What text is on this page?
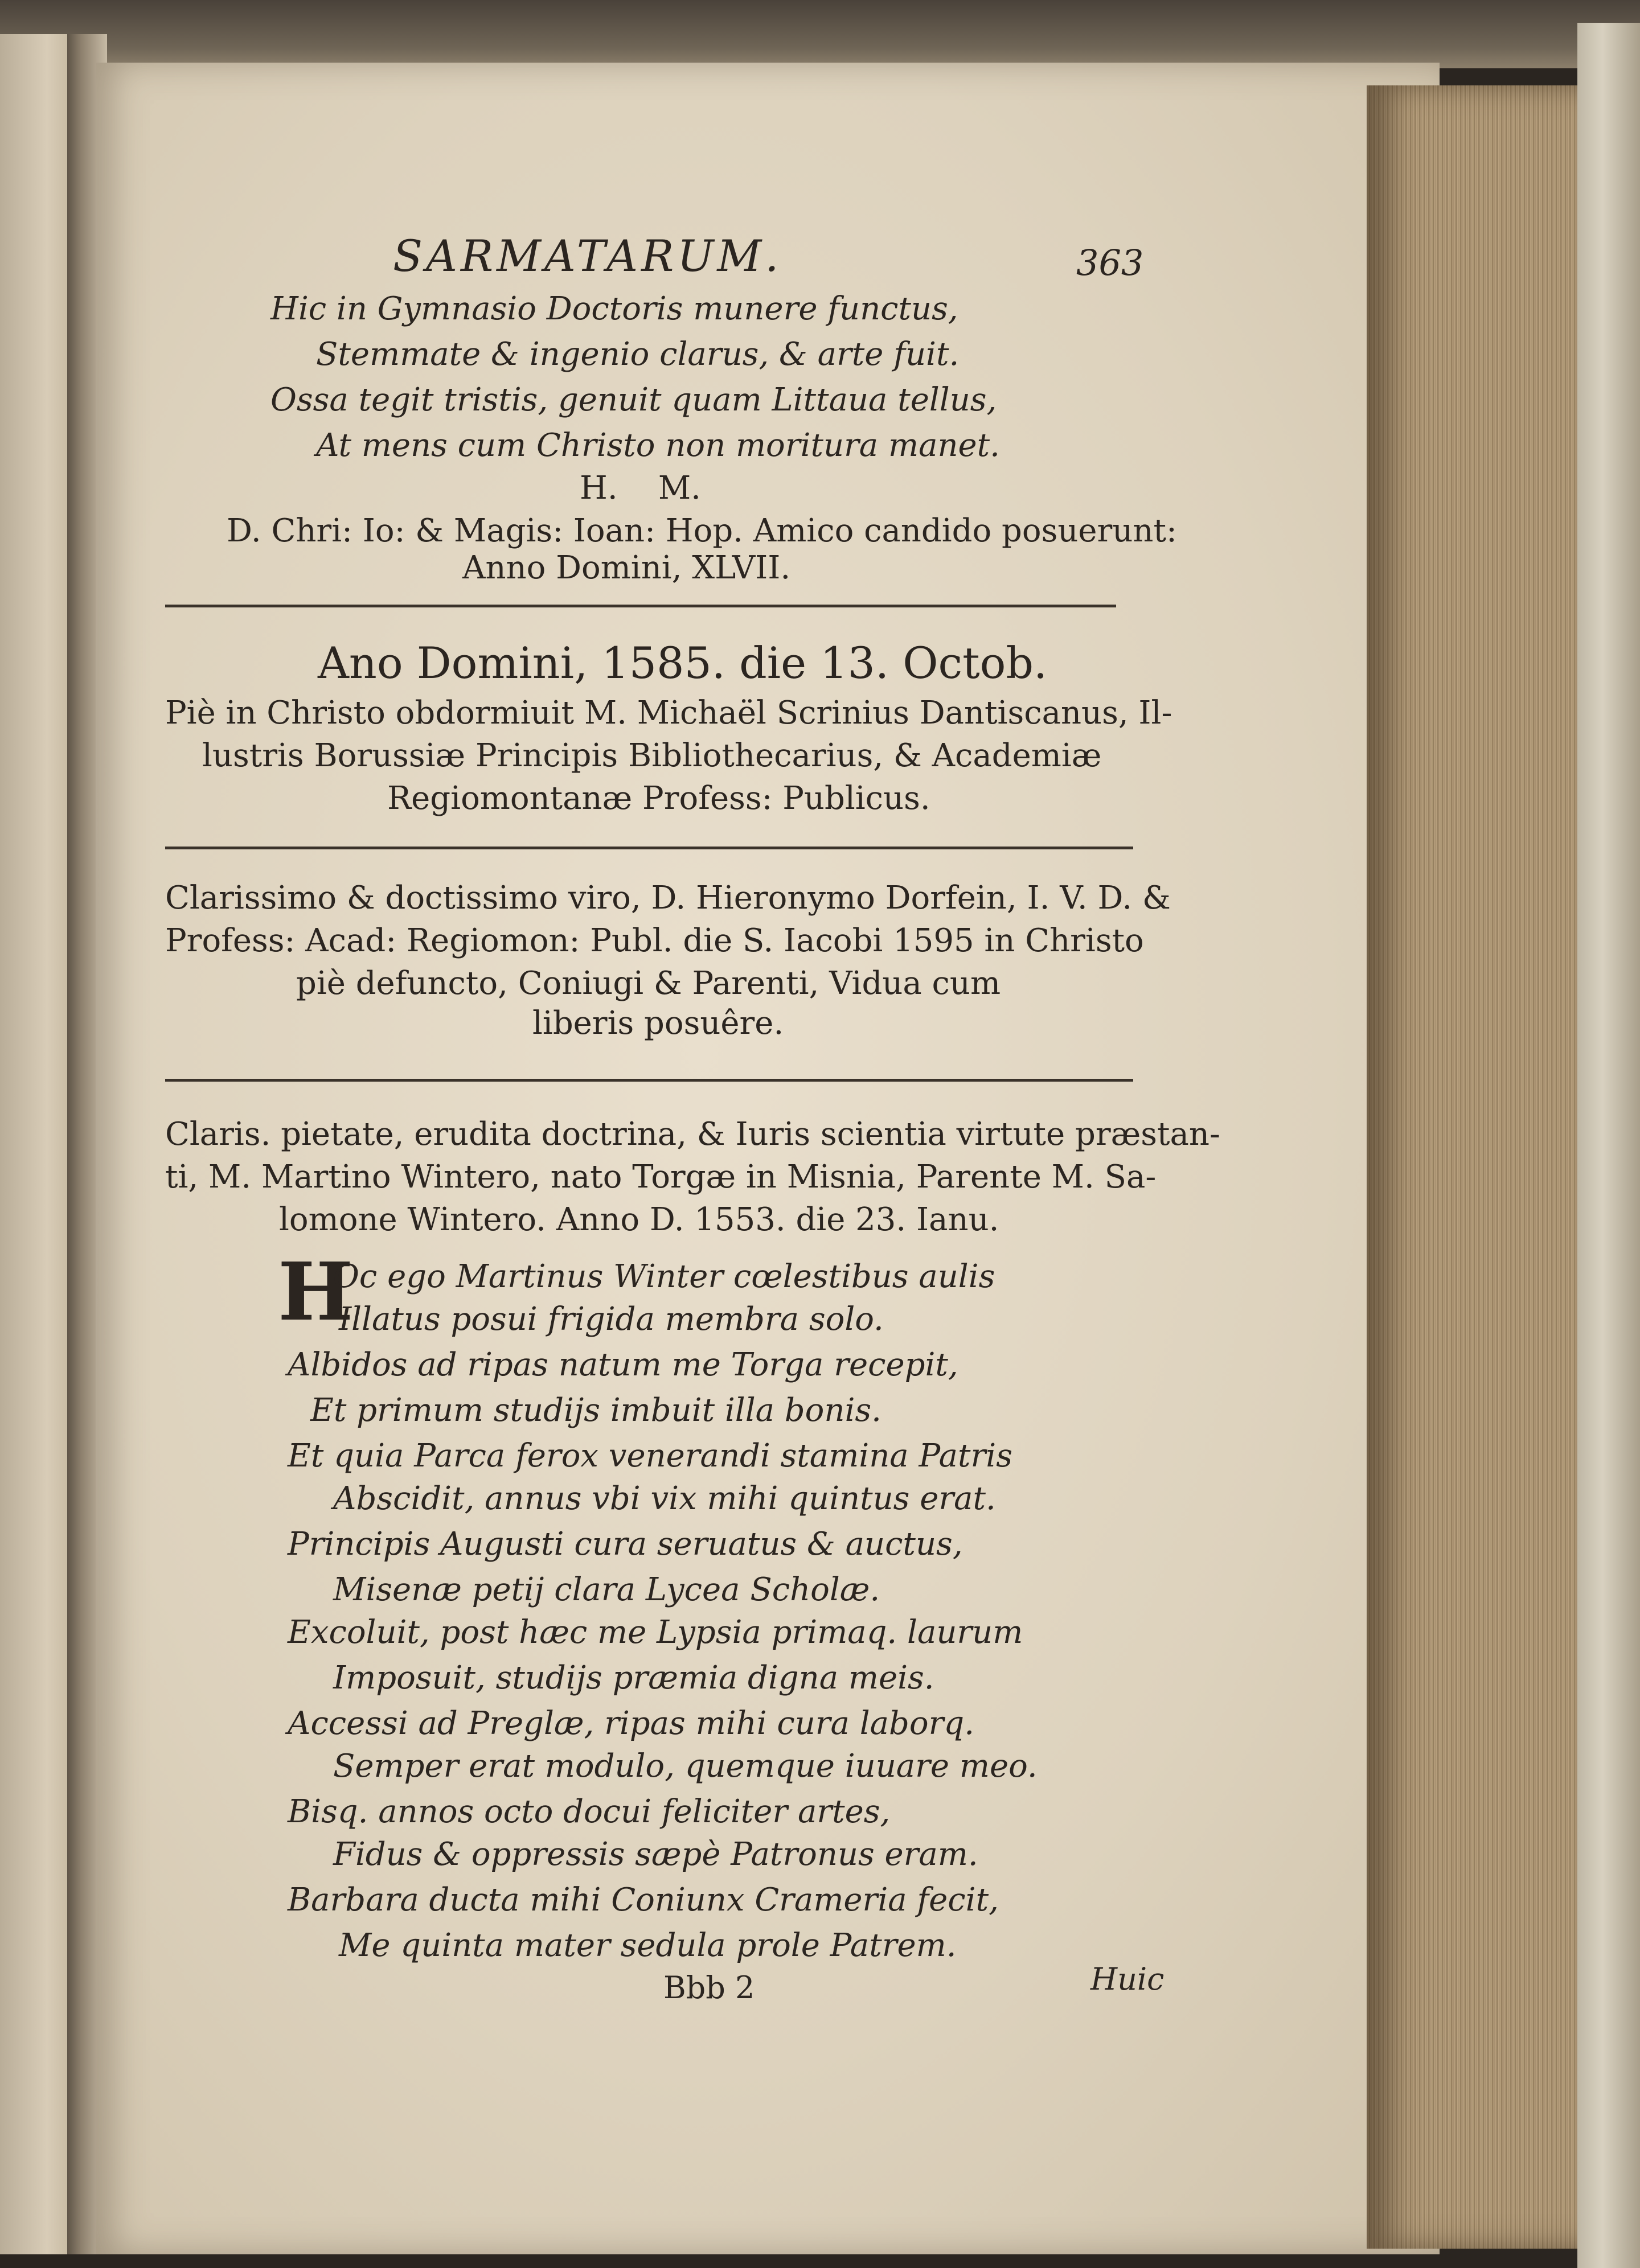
SARMATARUM.	363
Hic in Gymnasio Doctoris munere functus,
Stemmate & ingenio clarus, & arte fuit.
Ossa tegit tristis, genuit quam Littaua tellus,
At mens cum Christo non moritura manet.
H.    M.
D. Chri: Io: & Magis: Ioan: Hop. Amico candido posuerunt:
Anno Domini, XLVII.
Ano Domini, 1585. die 13. Octob.
Piè in Christo obdormiuit M. Michaël Scrinius Dantiscanus, Il-
lustris Borussiæ Principis Bibliothecarius, & Academiæ
Regiomontanæ Profess: Publicus.
Clarissimo & doctissimo viro, D. Hieronymo Dorfein, I. V. D. &
Profess: Acad: Regiomon: Publ. die S. Iacobi 1595 in Christo
piè defuncto, Coniugi & Parenti, Vidua cum
liberis posuêre.
Claris. pietate, erudita doctrina, & Iuris scientia virtute præstan-
ti, M. Martino Wintero, nato Torgæ in Misnia, Parente M. Sa-
lomone Wintero. Anno D. 1553. die 23. Ianu.
H
Oc ego Martinus Winter cœlestibus aulis
Illatus posui frigida membra solo.
Albidos ad ripas natum me Torga recepit,
Et primum studijs imbuit illa bonis.
Et quia Parca ferox venerandi stamina Patris
Abscidit, annus vbi vix mihi quintus erat.
Principis Augusti cura seruatus & auctus,
Misenæ petij clara Lycea Scholæ.
Excoluit, post hæc me Lypsia primaq. laurum
Imposuit, studijs præmia digna meis.
Accessi ad Preglæ, ripas mihi cura laborq.
Semper erat modulo, quemque iuuare meo.
Bisq. annos octo docui feliciter artes,
Fidus & oppressis sæpè Patronus eram.
Barbara ducta mihi Coniunx Crameria fecit,
Me quinta mater sedula prole Patrem.
Bbb 2	Huic
